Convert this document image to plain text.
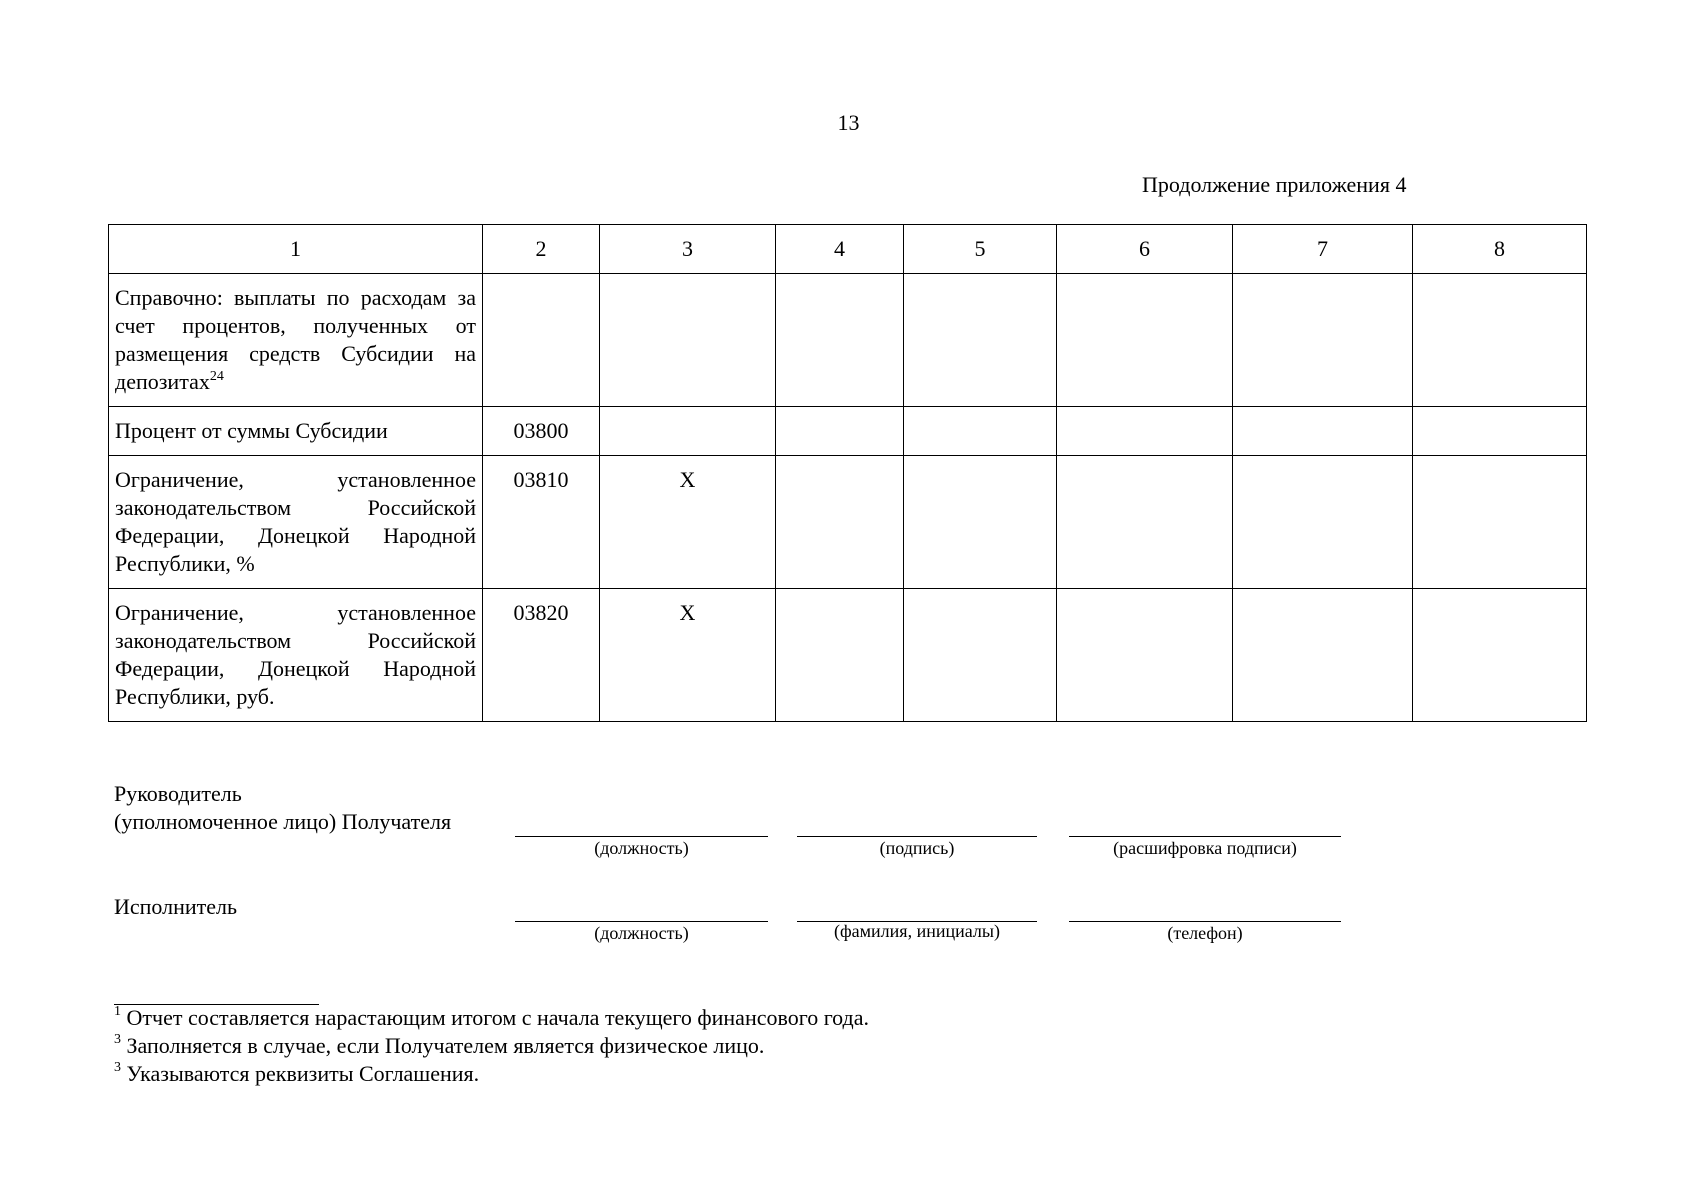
13
Продолжение приложения 4
1	2	3	4	5	6	7	8

Справочно: выплаты по расходам за счет процентов, полученных от размещения средств Субсидии на депозитах$^{24}$

Процент от суммы Субсидии	03800						

Ограничение, установленное законодательством Российской Федерации, Донецкой Народной Республики, %	03810	X					

Ограничение, установленное законодательством Российской Федерации, Донецкой Народной Республики, руб.	03820	X					

Руководитель
(уполномоченное лицо) Получателя
(должность)	(подпись)	(расшифровка подписи)
Исполнитель
(должность)	(фамилия, инициалы)	(телефон)
$^1$ Отчет составляется нарастающим итогом с начала текущего финансового года.
$^3$ Заполняется в случае, если Получателем является физическое лицо.
$^3$ Указываются реквизиты Соглашения.
